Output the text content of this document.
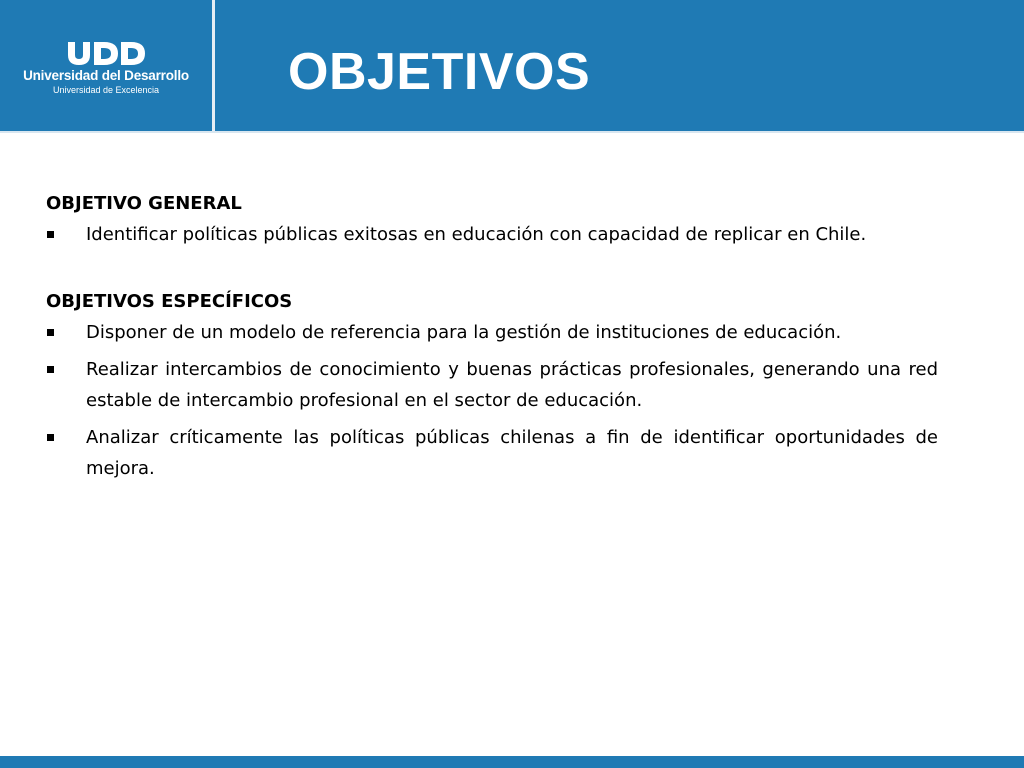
Universidad del Desarrollo
Universidad de Excelencia	OBJETIVOS
OBJETIVO GENERAL
Identificar políticas públicas exitosas en educación con capacidad de replicar en Chile.
OBJETIVOS ESPECÍFICOS
Disponer de un modelo de referencia para la gestión de instituciones de educación.
Realizar intercambios de conocimiento y buenas prácticas profesionales, generando una red estable de intercambio profesional en el sector de educación.
Analizar críticamente las políticas públicas chilenas a fin de identificar oportunidades de mejora.
